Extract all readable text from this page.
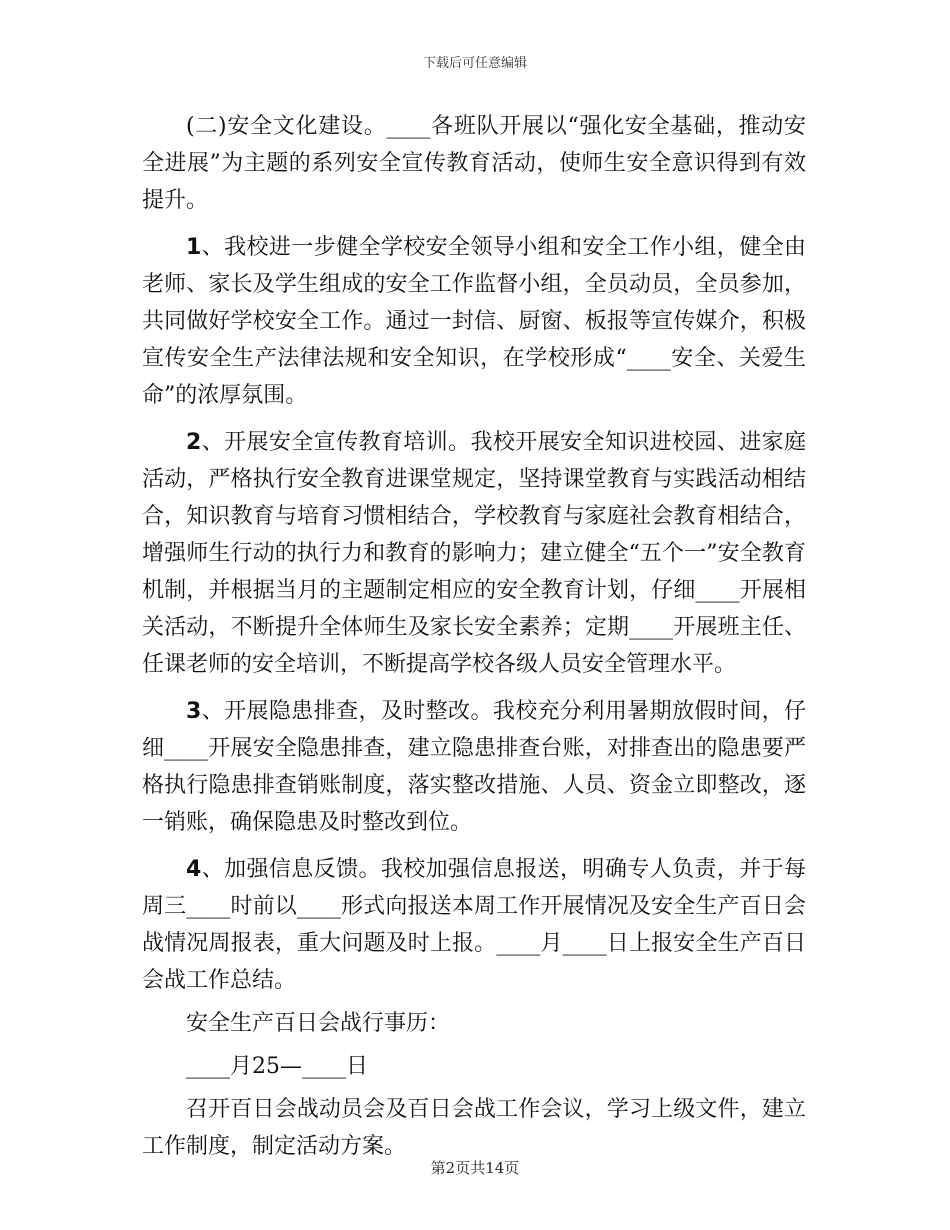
下载后可任意编辑

(二)安全文化建设。____各班队开展以“强化安全基础，推动安全进展”为主题的系列安全宣传教育活动，使师生安全意识得到有效提升。

1、我校进一步健全学校安全领导小组和安全工作小组，健全由老师、家长及学生组成的安全工作监督小组，全员动员，全员参加，共同做好学校安全工作。通过一封信、厨窗、板报等宣传媒介，积极宣传安全生产法律法规和安全知识，在学校形成“____安全、关爱生命”的浓厚氛围。

2、开展安全宣传教育培训。我校开展安全知识进校园、进家庭活动，严格执行安全教育进课堂规定，坚持课堂教育与实践活动相结合，知识教育与培育习惯相结合，学校教育与家庭社会教育相结合，增强师生行动的执行力和教育的影响力；建立健全“五个一”安全教育机制，并根据当月的主题制定相应的安全教育计划，仔细____开展相关活动，不断提升全体师生及家长安全素养；定期____开展班主任、任课老师的安全培训，不断提高学校各级人员安全管理水平。

3、开展隐患排查，及时整改。我校充分利用暑期放假时间，仔细____开展安全隐患排查，建立隐患排查台账，对排查出的隐患要严格执行隐患排查销账制度，落实整改措施、人员、资金立即整改，逐一销账，确保隐患及时整改到位。

4、加强信息反馈。我校加强信息报送，明确专人负责，并于每周三____时前以____形式向报送本周工作开展情况及安全生产百日会战情况周报表，重大问题及时上报。____月____日上报安全生产百日会战工作总结。

安全生产百日会战行事历：

____月25—____日

召开百日会战动员会及百日会战工作会议，学习上级文件，建立工作制度，制定活动方案。

第2页共14页
